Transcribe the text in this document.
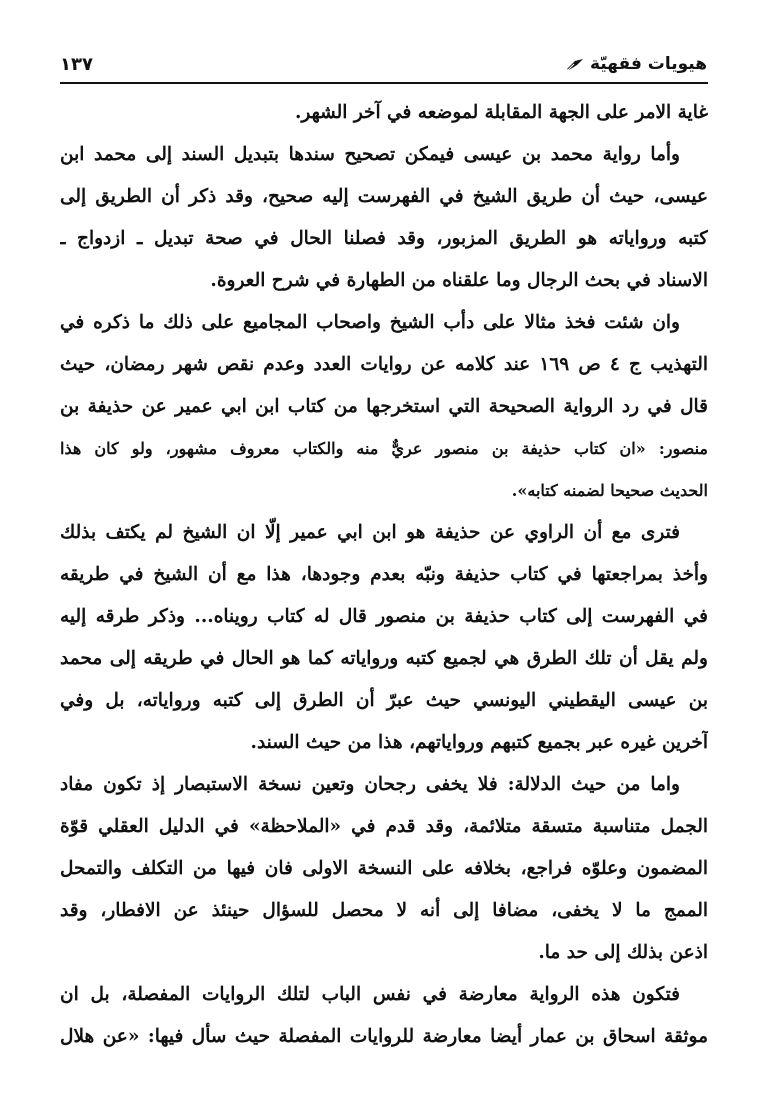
هيويات فقهيّة
١٣٧
غاية الامر على الجهة المقابلة لموضعه في آخر الشهر.
وأما رواية محمد بن عيسى فيمكن تصحيح سندها بتبديل السند إلى محمد ابن
عيسى، حيث أن طريق الشيخ في الفهرست إليه صحيح، وقد ذكر أن الطريق إلى
كتبه ورواياته هو الطريق المزبور، وقد فصلنا الحال في صحة تبديل ـ ازدواج ـ
الاسناد في بحث الرجال وما علقناه من الطهارة في شرح العروة.
وان شئت فخذ مثالا على دأب الشيخ واصحاب المجاميع على ذلك ما ذكره في
التهذيب ج ٤ ص ١٦٩ عند كلامه عن روايات العدد وعدم نقص شهر رمضان، حيث
قال في رد الرواية الصحيحة التي استخرجها من كتاب ابن ابي عمير عن حذيفة بن
منصور: «ان كتاب حذيفة بن منصور عريٌّ منه والكتاب معروف مشهور، ولو كان هذا
الحديث صحيحا لضمنه كتابه».
فترى مع أن الراوي عن حذيفة هو ابن ابي عمير إلّا ان الشيخ لم يكتف بذلك
وأخذ بمراجعتها في كتاب حذيفة ونبّه بعدم وجودها، هذا مع أن الشيخ في طريقه
في الفهرست إلى كتاب حذيفة بن منصور قال له كتاب رويناه... وذكر طرقه إليه
ولم يقل أن تلك الطرق هي لجميع كتبه ورواياته كما هو الحال في طريقه إلى محمد
بن عيسى اليقطيني اليونسي حيث عبرّ أن الطرق إلى كتبه ورواياته، بل وفي
آخرين غيره عبر بجميع كتبهم ورواياتهم، هذا من حيث السند.
واما من حيث الدلالة: فلا يخفى رجحان وتعين نسخة الاستبصار إذ تكون مفاد
الجمل متناسبة متسقة متلائمة، وقد قدم في «الملاحظة» في الدليل العقلي قوّة
المضمون وعلوّه فراجع، بخلافه على النسخة الاولى فان فيها من التكلف والتمحل
الممج ما لا يخفى، مضافا إلى أنه لا محصل للسؤال حينئذ عن الافطار، وقد
اذعن بذلك إلى حد ما.
فتكون هذه الرواية معارضة في نفس الباب لتلك الروايات المفصلة، بل ان
موثقة اسحاق بن عمار أيضا معارضة للروايات المفصلة حيث سأل فيها: «عن هلال
